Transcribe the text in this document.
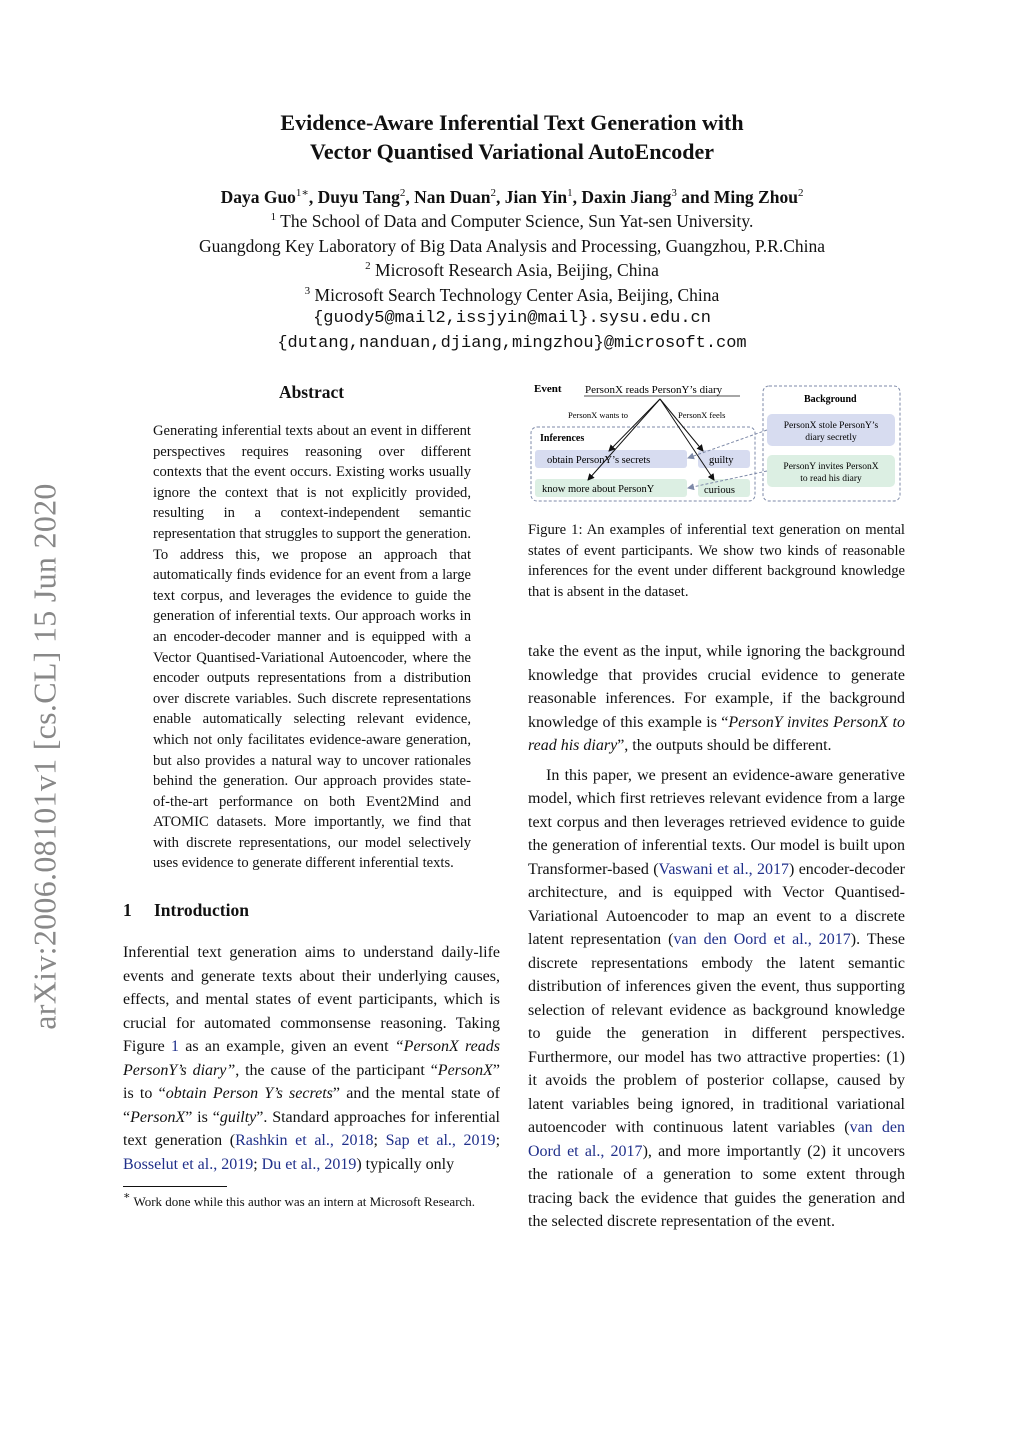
arXiv:2006.08101v1 [cs.CL] 15 Jun 2020

Evidence-Aware Inferential Text Generation with
Vector Quantised Variational AutoEncoder

Daya Guo$^{1∗}$, Duyu Tang$^2$, Nan Duan$^2$, Jian Yin$^1$, Daxin Jiang$^3$ and Ming Zhou$^2$
$^1$ The School of Data and Computer Science, Sun Yat-sen University.
Guangdong Key Laboratory of Big Data Analysis and Processing, Guangzhou, P.R.China
$^2$ Microsoft Research Asia, Beijing, China
$^3$ Microsoft Search Technology Center Asia, Beijing, China
{guody5@mail2,issjyin@mail}.sysu.edu.cn
{dutang,nanduan,djiang,mingzhou}@microsoft.com
Abstract

Generating inferential texts about an event in different perspectives requires reasoning over different contexts that the event occurs. Existing works usually ignore the context that is not explicitly provided, resulting in a context-independent semantic representation that struggles to support the generation. To address this, we propose an approach that automatically finds evidence for an event from a large text corpus, and leverages the evidence to guide the generation of inferential texts. Our approach works in an encoder-decoder manner and is equipped with a Vector Quantised-Variational Autoencoder, where the encoder outputs representations from a distribution over discrete variables. Such discrete representations enable automatically selecting relevant evidence, which not only facilitates evidence-aware generation, but also provides a natural way to uncover rationales behind the generation. Our approach provides state-of-the-art performance on both Event2Mind and ATOMIC datasets. More importantly, we find that with discrete representations, our model selectively uses evidence to generate different inferential texts.

1 Introduction

Inferential text generation aims to understand daily-life events and generate texts about their underlying causes, effects, and mental states of event participants, which is crucial for automated commonsense reasoning. Taking Figure 1 as an example, given an event “PersonX reads PersonY’s diary”, the cause of the participant “PersonX” is to “obtain Person Y’s secrets” and the mental state of “PersonX” is “guilty”. Standard approaches for inferential text generation (Rashkin et al., 2018; Sap et al., 2019; Bosselut et al., 2019; Du et al., 2019) typically only

∗ Work done while this author was an intern at Microsoft Research.
Event PersonX reads PersonY’s diary
PersonX wants to	PersonX feels
Inferences
obtain PersonY’s secrets
know more about PersonY
guilty
curious
Background
PersonX stole PersonY’s
diary secretly
PersonY invites PersonX
to read his diary
Figure 1: An examples of inferential text generation on mental states of event participants. We show two kinds of reasonable inferences for the event under different background knowledge that is absent in the dataset.

take the event as the input, while ignoring the background knowledge that provides crucial evidence to generate reasonable inferences. For example, if the background knowledge of this example is “PersonY invites PersonX to read his diary”, the outputs should be different.

In this paper, we present an evidence-aware generative model, which first retrieves relevant evidence from a large text corpus and then leverages retrieved evidence to guide the generation of inferential texts. Our model is built upon Transformer-based (Vaswani et al., 2017) encoder-decoder architecture, and is equipped with Vector Quantised-Variational Autoencoder to map an event to a discrete latent representation (van den Oord et al., 2017). These discrete representations embody the latent semantic distribution of inferences given the event, thus supporting selection of relevant evidence as background knowledge to guide the generation in different perspectives. Furthermore, our model has two attractive properties: (1) it avoids the problem of posterior collapse, caused by latent variables being ignored, in traditional variational autoencoder with continuous latent variables (van den Oord et al., 2017), and more importantly (2) it uncovers the rationale of a generation to some extent through tracing back the evidence that guides the generation and the selected discrete representation of the event.
